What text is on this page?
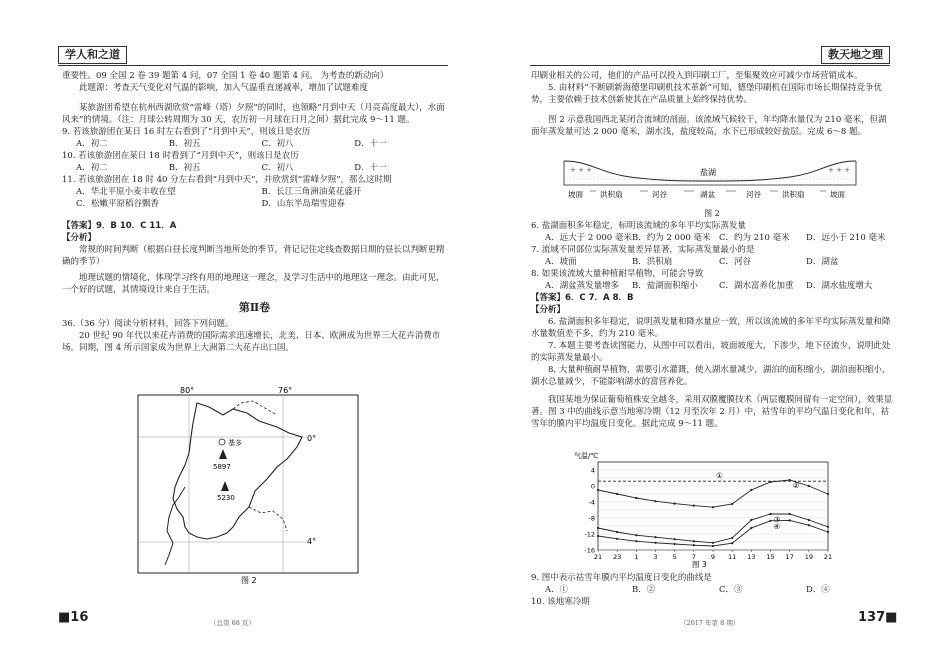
学人和之道	教天地之理

重要性。09 全国 2 卷 39 题第 4 问，07 全国 1 卷 40 题第 4 问。 为考查的新动向）

此题源：考查天气变化对气温的影响，加入气温垂直递减率，增加了试题难度

某旅游团希望在杭州西湖欣赏“雷峰（塔）夕照”的同时，也领略“月到中天（月亮高度最大），水面风来”的情境。（注：月球公转周期为 30 天，农历初一月球在日月之间）据此完成 9～11 题。

9. 若该旅游团在某日 16 时左右看到了“月到中天”，则该日是农历

A．初二	B．初五	C．初八	D．十一

10. 若该旅游团在某日 18 时看到了“月到中天”，则该日是农历

A．初二	B．初五	C．初八	D．十一

11. 若该旅游团在 18 时 40 分左右看到“月到中天”，并欣赏到“雷峰夕照”，那么这时期

A．华北平原小麦丰收在望	B．长江三角洲油菜花盛开
C．松嫩平原稻谷飘香	D．山东半岛瑞雪迎春

【答案】9．B 10．C 11．A

【分析】

常规的时间判断（根据白昼长度判断当地所处的季节，背记记住定线查数据日期的昼长以判断更精确的季节）

地理试题的情境化，体现学习终有用的地理这一理念，及学习生活中的地理这一理念。由此可见，一个好的试题，其情境设计来自于生活。

第Ⅱ卷

36.（36 分）阅读分析材料，回答下列问题。

20 世纪 90 年代以来花卉消费的国际需求迅速增长，北美、日本、欧洲成为世界三大花卉消费市场。同期，图 4 所示国家成为世界上大洲第二大花卉出口国。

80°	76°
0°
4°
基多
5897
5230
图 2
■16	（总第 68 页）

印刷业相关的公司，他们的产品可以投入到印刷工厂，至集聚效应可减少市场营销成本。

5. 由材料“不断刷新海德堡印刷机技术革新”可知，德堡印刷机在国际市场长期保持竞争优势，主要依赖于技术创新使其在产品质量上始终保持优势。

图 2 示意我国西北某闭合流域的剖面。该流域气候较干，年均降水量仅为 210 毫米，但湖面年蒸发量可达 2 000 毫米，湖水浅，盐度较高，水下已形成较好盐层。完成 6～8 题。

+ + +	+ + +
盐湖
坡面 洪积扇	河谷	湖盆	河谷	洪积扇	坡面
图 2

6. 盐湖面积多年稳定，标明该流域的多年平均实际蒸发量

A．远大于 2 000 毫米 B．约为 2 000 毫米	C．约为 210 毫米	D．远小于 210 毫米

7. 流域不同部位实际蒸发量差异显著，实际蒸发量最小的是

A．坡面	B．洪积扇	C．河谷	D．湖盆

8. 如果该流域大量种植耐旱植物，可能会导致

A．湖盆蒸发量增多	B．盐湖面积缩小	C．湖水富养化加重	D．湖水盐度增大

【答案】6．C 7．A 8．B

【分析】

6. 盐湖面积多年稳定，说明蒸发量和降水量应一致，所以该流域的多年平均实际蒸发量和降水量数值差不多，约为 210 毫米。

7. 本题主要考查读图能力，从图中可以看出，坡面坡度大，下渗少，地下径流少，说明此处的实际蒸发量最小。

8. 大量种植耐旱植物，需要引水灌溉，使入湖水量减少，湖泊的面积缩小，湖泊面积缩小，湖水总量减少，不能影响湖水的富营养化。

我国某地为保证葡萄植株安全越冬，采用双膜覆膜技术（两层覆膜间留有一定空间），效果显著。图 3 中的曲线示意当地寒冷期（12 月至次年 2 月）中，祜雪年的平均气温日变化和年，祜雪年的膜内平均温度日变化。据此完成 9～11 题。

气温/℃
4
0
-4
-8
-12
-16
21 23 1 3 5 7 9 11 13 15 17 19 21
①
②
③
④
图 3

9. 图中表示祜雪年膜内平均温度日变化的曲线是

A．①	B．②	C．③	D．④

10. 该地寒冷期

137■
（2017 年第 8 期）
